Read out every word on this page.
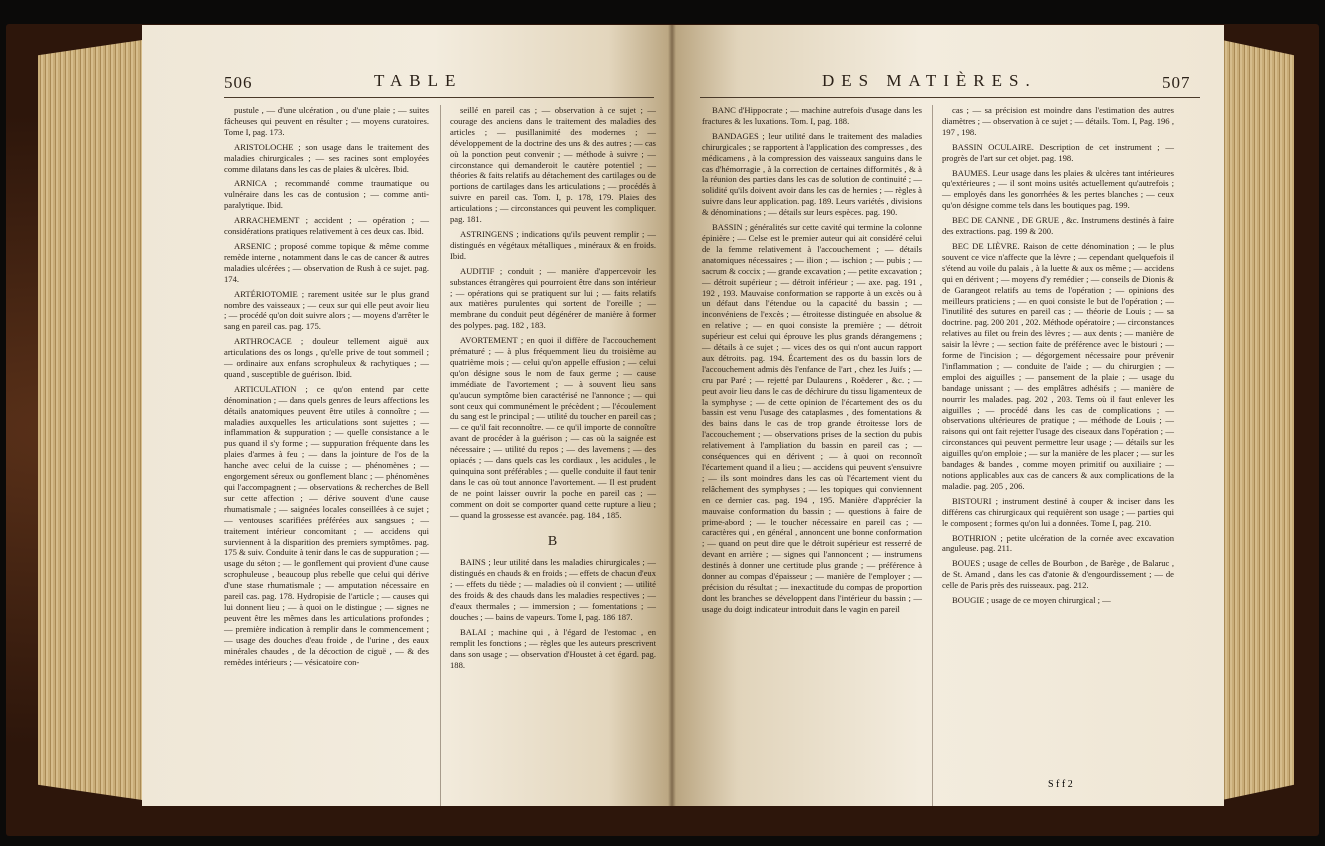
506	TABLE

pustule , — d'une ulcération , ou d'une plaie ; — suites fâcheuses qui peuvent en résulter ; — moyens curatoires. Tome I, pag. 173.

ARISTOLOCHE ; son usage dans le traitement des maladies chirurgicales ; — ses racines sont employées comme dilatans dans les cas de plaies & ulcères. Ibid.

ARNICA ; recommandé comme traumatique ou vulnéraire dans les cas de contusion ; — comme anti-paralytique. Ibid.

ARRACHEMENT ; accident ; — opération ; — considérations pratiques relativement à ces deux cas. Ibid.

ARSENIC ; proposé comme topique & même comme remède interne , notamment dans le cas de cancer & autres maladies ulcérées ; — observation de Rush à ce sujet. pag. 174.

ARTÉRIOTOMIE ; rarement usitée sur le plus grand nombre des vaisseaux ; — ceux sur qui elle peut avoir lieu ; — procédé qu'on doit suivre alors ; — moyens d'arrêter le sang en pareil cas. pag. 175.

ARTHROCACE ; douleur tellement aiguë aux articulations des os longs , qu'elle prive de tout sommeil ; — ordinaire aux enfans scrophuleux & rachytiques ; — quand , susceptible de guérison. Ibid.

ARTICULATION ; ce qu'on entend par cette dénomination ; — dans quels genres de leurs affections les détails anatomiques peuvent être utiles à connoître ; — maladies auxquelles les articulations sont sujettes ; — inflammation & suppuration ; — quelle consistance a le pus quand il s'y forme ; — suppuration fréquente dans les plaies d'armes à feu ; — dans la jointure de l'os de la hanche avec celui de la cuisse ; — phénomènes ; — engorgement séreux ou gonflement blanc ; — phénomènes qui l'accompagnent ; — observations & recherches de Bell sur cette affection ; — dérive souvent d'une cause rhumatismale ; — saignées locales conseillées à ce sujet ; — ventouses scarifiées préférées aux sangsues ; — traitement intérieur concomitant ; — accidens qui surviennent à la disparition des premiers symptômes. pag. 175 & suiv. Conduite à tenir dans le cas de suppuration ; — usage du séton ; — le gonflement qui provient d'une cause scrophuleuse , beaucoup plus rebelle que celui qui dérive d'une stase rhumatismale ; — amputation nécessaire en pareil cas. pag. 178. Hydropisie de l'article ; — causes qui lui donnent lieu ; — à quoi on le distingue ; — signes ne peuvent être les mêmes dans les articulations profondes ; — première indication à remplir dans le commencement ; — usage des douches d'eau froide , de l'urine , des eaux minérales chaudes , de la décoction de ciguë , — & des remèdes intérieurs ; — vésicatoire con-

seillé en pareil cas ; — observation à ce sujet ; — courage des anciens dans le traitement des maladies des articles ; — pusillanimité des modernes ; — développement de la doctrine des uns & des autres ; — cas où la ponction peut convenir ; — méthode à suivre ; — circonstance qui demanderoit le cautère potentiel ; — théories & faits relatifs au détachement des cartilages ou de portions de cartilages dans les articulations ; — procédés à suivre en pareil cas. Tom. I, p. 178, 179. Plaies des articulations ; — circonstances qui peuvent les compliquer. pag. 181.

ASTRINGENS ; indications qu'ils peuvent remplir ; — distingués en végétaux métalliques , minéraux & en froids. Ibid.

AUDITIF ; conduit ; — manière d'appercevoir les substances étrangères qui pourroient être dans son intérieur ; — opérations qui se pratiquent sur lui ; — faits relatifs aux matières purulentes qui sortent de l'oreille ; — membrane du conduit peut dégénérer de manière à former des polypes. pag. 182 , 183.

AVORTEMENT ; en quoi il diffère de l'accouchement prématuré ; — à plus fréquemment lieu du troisième au quatrième mois ; — celui qu'on appelle effusion ; — celui qu'on désigne sous le nom de faux germe ; — cause immédiate de l'avortement ; — à souvent lieu sans qu'aucun symptôme bien caractérisé ne l'annonce ; — qui sont ceux qui communément le précèdent ; — l'écoulement du sang est le principal ; — utilité du toucher en pareil cas ; — ce qu'il fait reconnoître. — ce qu'il importe de connoître avant de procéder à la guérison ; — cas où la saignée est nécessaire ; — utilité du repos ; — des lavemens ; — des opiacés ; — dans quels cas les cordiaux , les acidules , le quinquina sont préférables ; — quelle conduite il faut tenir dans le cas où tout annonce l'avortement. — Il est prudent de ne point laisser ouvrir la poche en pareil cas ; — comment on doit se comporter quand cette rupture a lieu ; — quand la grossesse est avancée. pag. 184 , 185.

B

BAINS ; leur utilité dans les maladies chirurgicales ; — distingués en chauds & en froids ; — effets de chacun d'eux ; — effets du tiède ; — maladies où il convient ; — utilité des froids & des chauds dans les maladies respectives ; — d'eaux thermales ; — immersion ; — fomentations ; — douches ; — bains de vapeurs. Tome I, pag. 186 187.

BALAI ; machine qui , à l'égard de l'estomac , en remplit les fonctions ; — règles que les auteurs prescrivent dans son usage ; — observation d'Houstet à cet égard. pag. 188.

DES MATIÈRES.	507

BANC d'Hippocrate ; — machine autrefois d'usage dans les fractures & les luxations. Tom. I, pag. 188.

BANDAGES ; leur utilité dans le traitement des maladies chirurgicales ; se rapportent à l'application des compresses , des médicamens , à la compression des vaisseaux sanguins dans le cas d'hémorragie , à la correction de certaines difformités , & à la réunion des parties dans les cas de solution de continuité ; — solidité qu'ils doivent avoir dans les cas de hernies ; — règles à suivre dans leur application. pag. 189. Leurs variétés , divisions & dénominations ; — détails sur leurs espèces. pag. 190.

BASSIN ; généralités sur cette cavité qui termine la colonne épinière ; — Celse est le premier auteur qui ait considéré celui de la femme relativement à l'accouchement ; — détails anatomiques nécessaires ; — ilion ; — ischion ; — pubis ; — sacrum & coccix ; — grande excavation ; — petite excavation ; — détroit supérieur ; — détroit inférieur ; — axe. pag. 191 , 192 , 193. Mauvaise conformation se rapporte à un excès ou à un défaut dans l'étendue ou la capacité du bassin ; — inconvéniens de l'excès ; — étroitesse distinguée en absolue & en relative ; — en quoi consiste la première ; — détroit supérieur est celui qui éprouve les plus grands dérangemens ; — détails à ce sujet ; — vices des os qui n'ont aucun rapport aux détroits. pag. 194. Écartement des os du bassin lors de l'accouchement admis dès l'enfance de l'art , chez les Juifs ; — cru par Paré ; — rejetté par Dulaurens , Roëderer , &c. ; — peut avoir lieu dans le cas de déchirure du tissu ligamenteux de la symphyse ; — de cette opinion de l'écartement des os du bassin est venu l'usage des cataplasmes , des fomentations & des bains dans le cas de trop grande étroitesse lors de l'accouchement ; — observations prises de la section du pubis relativement à l'ampliation du bassin en pareil cas ; — conséquences qui en dérivent ; — à quoi on reconnoît l'écartement quand il a lieu ; — accidens qui peuvent s'ensuivre ; — ils sont moindres dans les cas où l'écartement vient du relâchement des symphyses ; — les topiques qui conviennent en ce dernier cas. pag. 194 , 195. Manière d'apprécier la mauvaise conformation du bassin ; — questions à faire de prime-abord ; — le toucher nécessaire en pareil cas ; — caractères qui , en général , annoncent une bonne conformation ; — quand on peut dire que le détroit supérieur est resserré de devant en arrière ; — signes qui l'annoncent ; — instrumens destinés à donner une certitude plus grande ; — préférence à donner au compas d'épaisseur ; — manière de l'employer ; — précision du résultat ; — inexactitude du compas de proportion dont les branches se développent dans l'intérieur du bassin ; — usage du doigt indicateur introduit dans le vagin en pareil

cas ; — sa précision est moindre dans l'estimation des autres diamètres ; — observation à ce sujet ; — détails. Tom. I, Pag. 196 , 197 , 198.

BASSIN OCULAIRE. Description de cet instrument ; — progrès de l'art sur cet objet. pag. 198.

BAUMES. Leur usage dans les plaies & ulcères tant intérieures qu'extérieures ; — il sont moins usités actuellement qu'autrefois ; — employés dans les gonorrhées & les pertes blanches ; — ceux qu'on désigne comme tels dans les boutiques pag. 199.

BEC DE CANNE , DE GRUE , &c. Instrumens destinés à faire des extractions. pag. 199 & 200.

BEC DE LIÈVRE. Raison de cette dénomination ; — le plus souvent ce vice n'affecte que la lèvre ; — cependant quelquefois il s'étend au voile du palais , à la luette & aux os même ; — accidens qui en dérivent ; — moyens d'y remédier ; — conseils de Dionis & de Garangeot relatifs au tems de l'opération ; — opinions des meilleurs praticiens ; — en quoi consiste le but de l'opération ; — l'inutilité des sutures en pareil cas ; — théorie de Louis ; — sa doctrine. pag. 200 201 , 202. Méthode opératoire ; — circonstances relatives au filet ou frein des lèvres ; — aux dents ; — manière de saisir la lèvre ; — section faite de préférence avec le bistouri ; — forme de l'incision ; — dégorgement nécessaire pour prévenir l'inflammation ; — conduite de l'aide ; — du chirurgien ; — emploi des aiguilles ; — pansement de la plaie ; — usage du bandage unissant ; — des emplâtres adhésifs ; — manière de nourrir les malades. pag. 202 , 203. Tems où il faut enlever les aiguilles ; — procédé dans les cas de complications ; — observations ultérieures de pratique ; — méthode de Louis ; — raisons qui ont fait rejetter l'usage des ciseaux dans l'opération ; — circonstances qui peuvent permettre leur usage ; — détails sur les aiguilles qu'on emploie ; — sur la manière de les placer ; — sur les bandages & bandes , comme moyen primitif ou auxiliaire ; — notions applicables aux cas de cancers & aux complications de la maladie. pag. 205 , 206.

BISTOURI ; instrument destiné à couper & inciser dans les différens cas chirurgicaux qui requièrent son usage ; — parties qui le composent ; formes qu'on lui a données. Tome I, pag. 210.

BOTHRION ; petite ulcération de la cornée avec excavation anguleuse. pag. 211.

BOUES ; usage de celles de Bourbon , de Barège , de Balaruc , de St. Amand , dans les cas d'atonie & d'engourdissement ; — de celle de Paris près des ruisseaux. pag. 212.

BOUGIE ; usage de ce moyen chirurgical ; —

S f f 2
